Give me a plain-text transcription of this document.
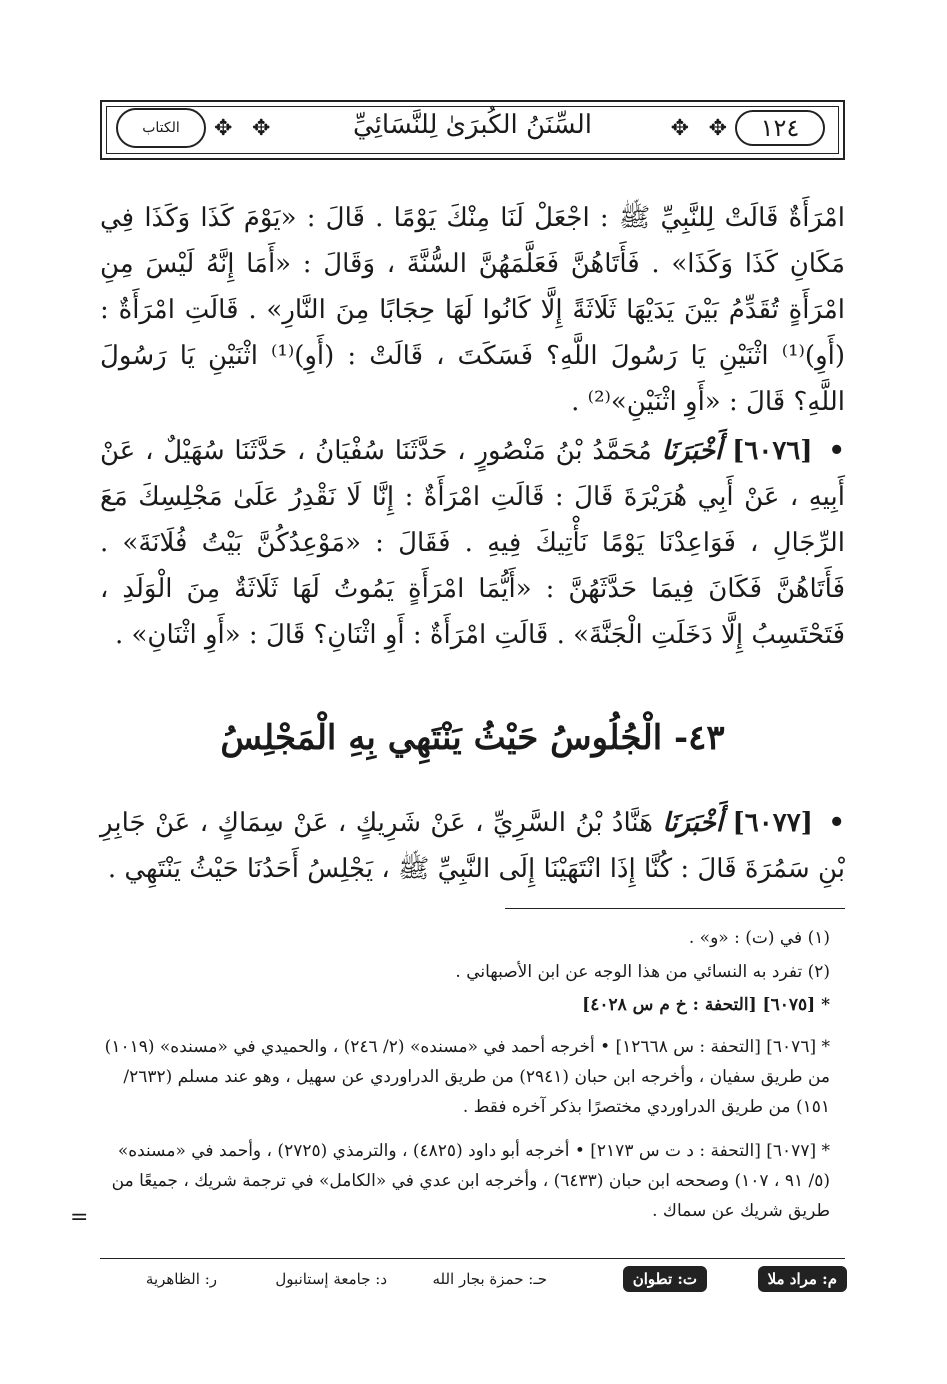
الكتاب	✥ ✥	السِّنَنُ الكُبرَىٰ لِلنَّسَائِيِّ	✥ ✥	١٢٤
امْرَأَةٌ قَالَتْ لِلنَّبِيِّ ﷺ : اجْعَلْ لَنَا مِنْكَ يَوْمًا . قَالَ : «يَوْمَ كَذَا وَكَذَا فِي مَكَانِ كَذَا وَكَذَا» . فَأَتَاهُنَّ فَعَلَّمَهُنَّ السُّنَّةَ ، وَقَالَ : «أَمَا إِنَّهُ لَيْسَ مِنِ امْرَأَةٍ تُقَدِّمُ بَيْنَ يَدَيْهَا ثَلَاثَةً إِلَّا كَانُوا لَهَا حِجَابًا مِنَ النَّارِ» . قَالَتِ امْرَأَةٌ : (أَوِ)⁽¹⁾ اثْنَيْنِ يَا رَسُولَ اللَّهِ؟ فَسَكَتَ ، قَالَتْ : (أَوِ)⁽¹⁾ اثْنَيْنِ يَا رَسُولَ اللَّهِ؟ قَالَ : «أَوِ اثْنَيْنِ»⁽²⁾ .
• [٦٠٧٦] أَخْبَرَنَا مُحَمَّدُ بْنُ مَنْصُورٍ ، حَدَّثَنَا سُفْيَانُ ، حَدَّثَنَا سُهَيْلٌ ، عَنْ أَبِيهِ ، عَنْ أَبِي هُرَيْرَةَ قَالَ : قَالَتِ امْرَأَةٌ : إِنَّا لَا نَقْدِرُ عَلَىٰ مَجْلِسِكَ مَعَ الرِّجَالِ ، فَوَاعِدْنَا يَوْمًا نَأْتِيكَ فِيهِ . فَقَالَ : «مَوْعِدُكُنَّ بَيْتُ فُلَانَةَ» . فَأَتَاهُنَّ فَكَانَ فِيمَا حَدَّثَهُنَّ : «أَيُّمَا امْرَأَةٍ يَمُوتُ لَهَا ثَلَاثَةٌ مِنَ الْوَلَدِ ، فَتَحْتَسِبُ إِلَّا دَخَلَتِ الْجَنَّةَ» . قَالَتِ امْرَأَةٌ : أَوِ اثْنَانِ؟ قَالَ : «أَوِ اثْنَانِ» .
٤٣- الْجُلُوسُ حَيْثُ يَنْتَهِي بِهِ الْمَجْلِسُ
• [٦٠٧٧] أَخْبَرَنَا هَنَّادُ بْنُ السَّرِيِّ ، عَنْ شَرِيكٍ ، عَنْ سِمَاكٍ ، عَنْ جَابِرِ بْنِ سَمُرَةَ قَالَ : كُنَّا إِذَا انْتَهَيْنَا إِلَى النَّبِيِّ ﷺ ، يَجْلِسُ أَحَدُنَا حَيْثُ يَنْتَهِي .
(١) في (ت) : «و» .
(٢) تفرد به النسائي من هذا الوجه عن ابن الأصبهاني .
* [٦٠٧٥] [التحفة : خ م س ٤٠٢٨]
* [٦٠٧٦] [التحفة : س ١٢٦٦٨] • أخرجه أحمد في «مسنده» (٢/ ٢٤٦) ، والحميدي في «مسنده» (١٠١٩) من طريق سفيان ، وأخرجه ابن حبان (٢٩٤١) من طريق الدراوردي عن سهيل ، وهو عند مسلم (٢٦٣٢/ ١٥١) من طريق الدراوردي مختصرًا بذكر آخره فقط .
* [٦٠٧٧] [التحفة : د ت س ٢١٧٣] • أخرجه أبو داود (٤٨٢٥) ، والترمذي (٢٧٢٥) ، وأحمد في «مسنده» (٥/ ٩١ ، ١٠٧) وصححه ابن حبان (٦٤٣٣) ، وأخرجه ابن عدي في «الكامل» في ترجمة شريك ، جميعًا من طريق شريك عن سماك .
=
م: مراد ملا
ت: تطوان
حـ: حمزة بجار الله
د: جامعة إستانبول
ر: الظاهرية
